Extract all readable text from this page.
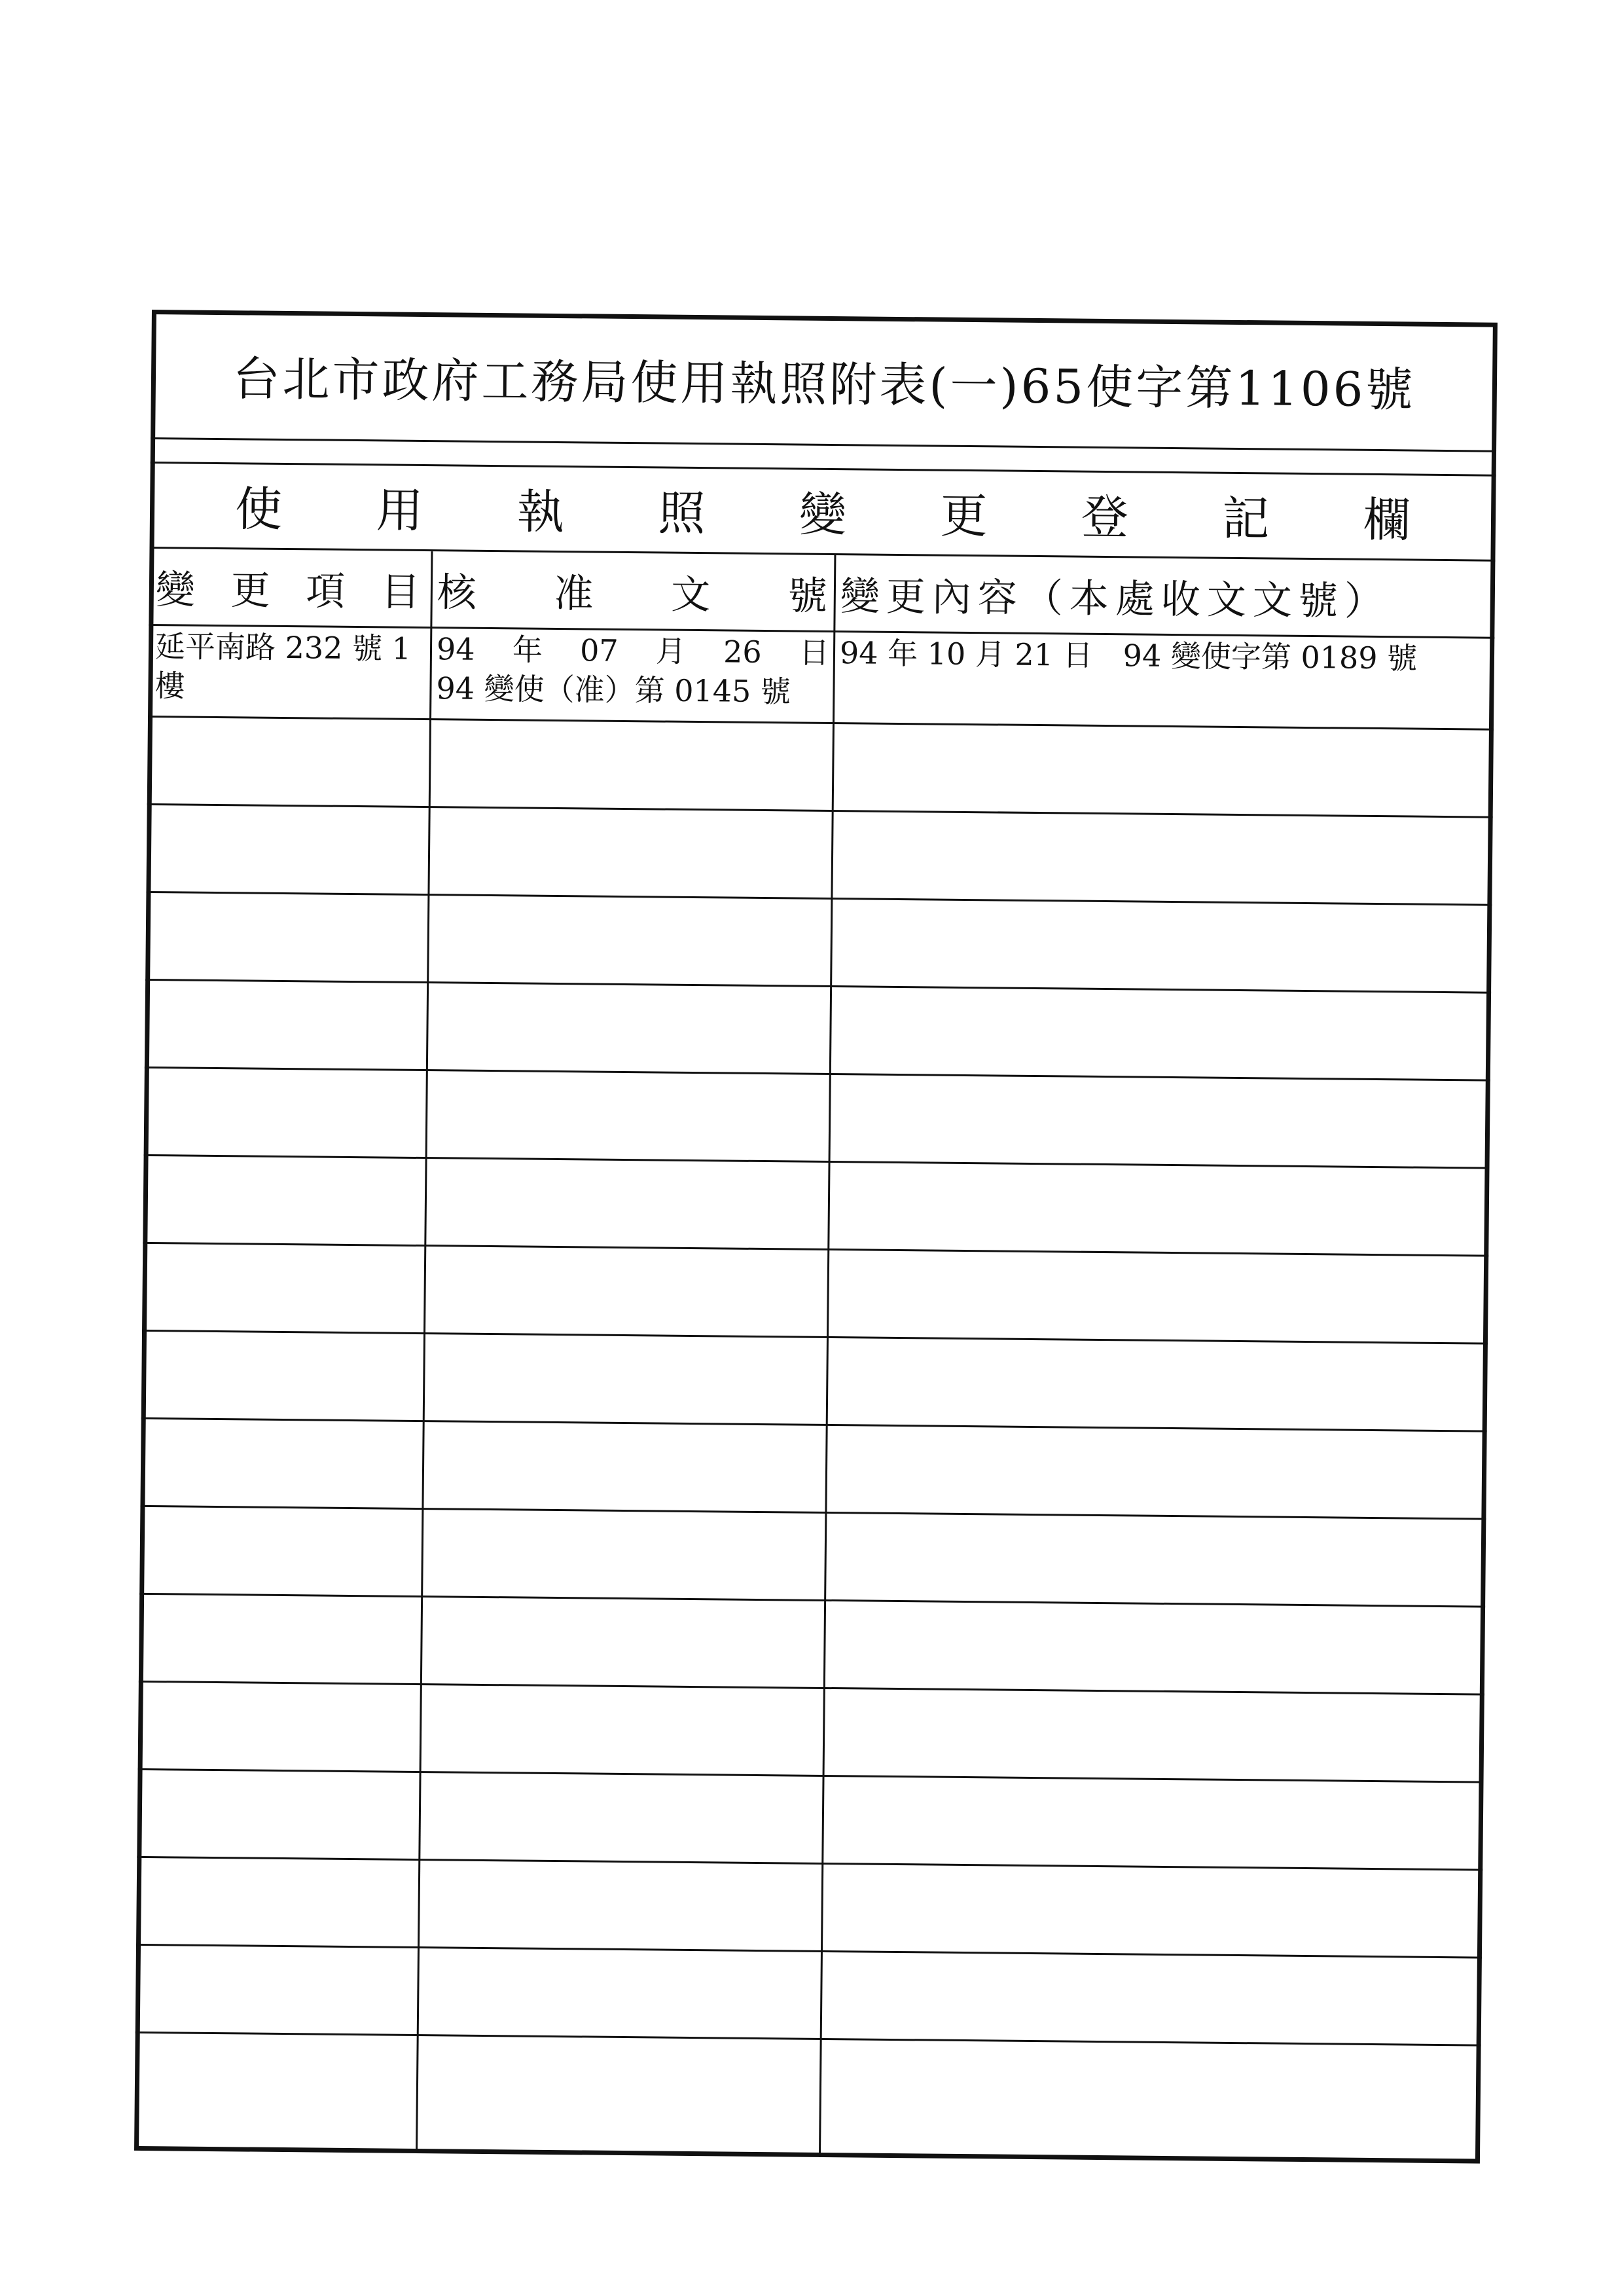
台北市政府工務局使用執照附表(一)65使字第1106號
使 用 執 照 變 更 登 記 欄
變 更 項 目 核 准 文 號 變更內容（本處收文文號）
延平南路 232 號 1 樓
94 年 07 月 26 日
94 變使（准）第 0145 號
94 年 10 月 21 日　94 變使字第 0189 號
